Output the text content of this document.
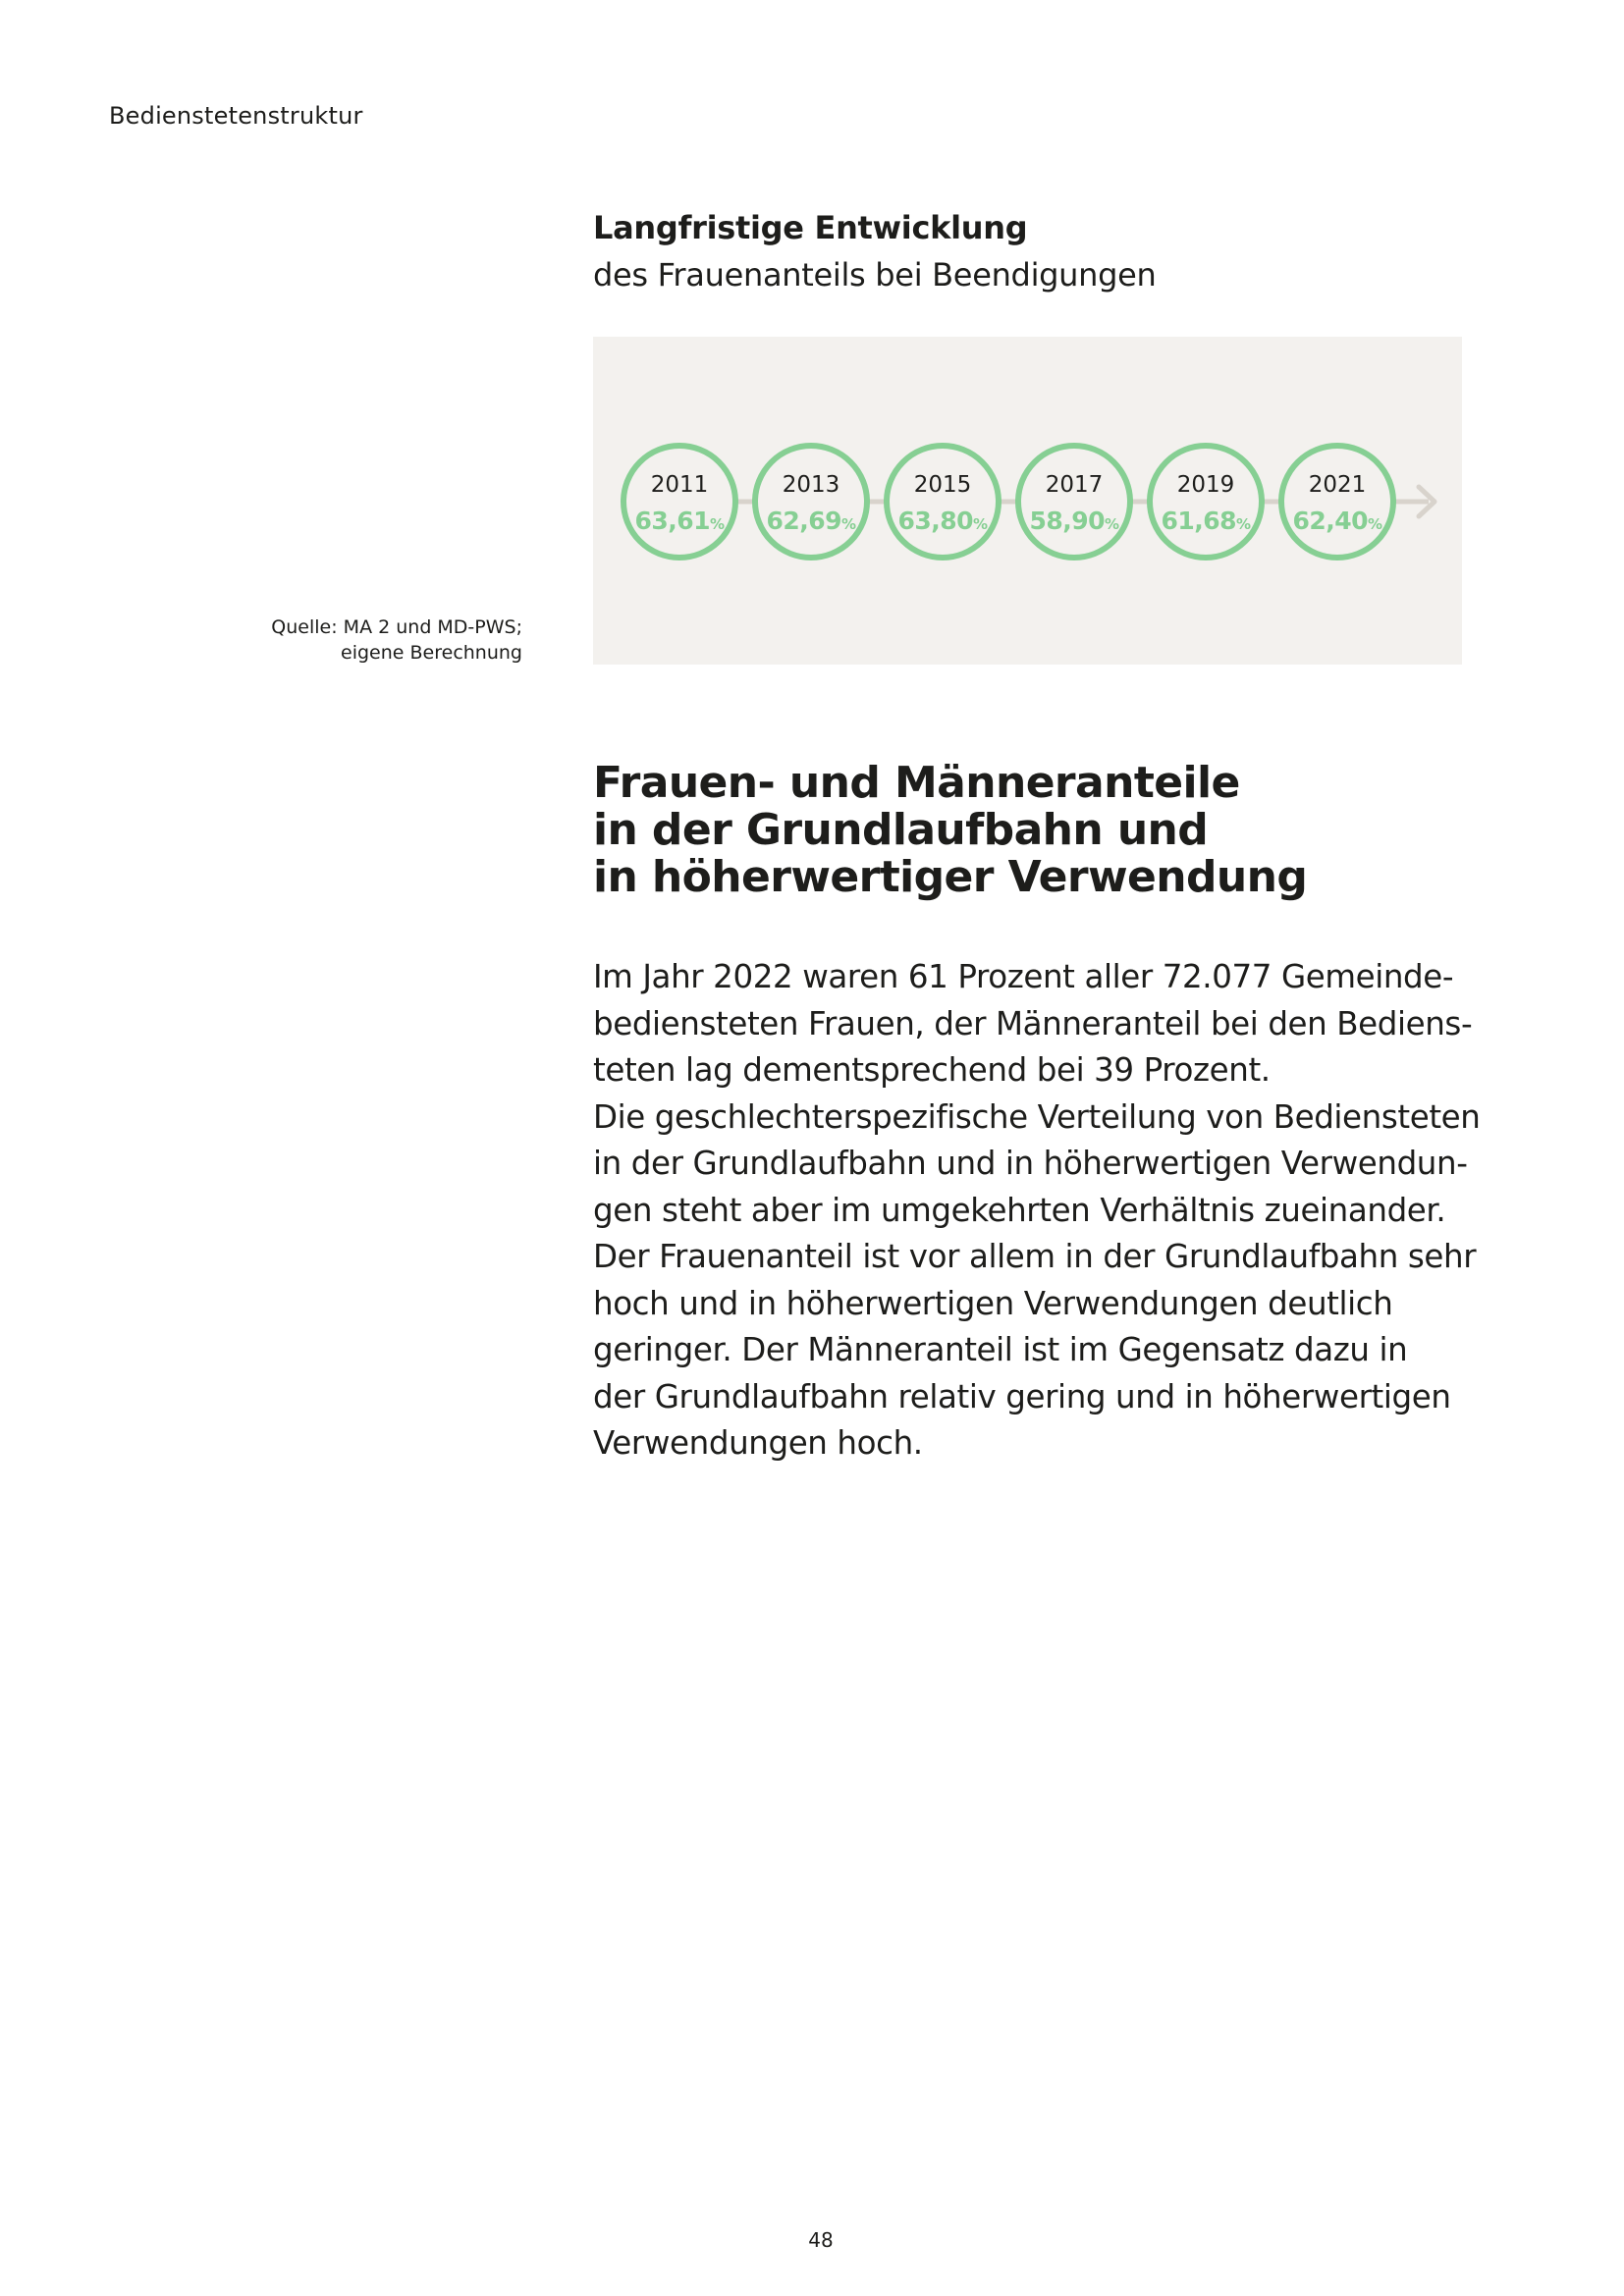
Bedienstetenstruktur
Langfristige Entwicklung
des Frauenanteils bei Beendigungen
Quelle: MA 2 und MD-PWS;
eigene Berechnung
2011
63,61%
2013
62,69%
2015
63,80%
2017
58,90%
2019
61,68%
2021
62,40%
Frauen- und Männeranteile
in der Grundlaufbahn und
in höherwertiger Verwendung
Im Jahr 2022 waren 61 Prozent aller 72.077 Gemeinde-
bediensteten Frauen, der Männeranteil bei den Bediens-
teten lag dementsprechend bei 39 Prozent.
Die geschlechterspezifische Verteilung von Bediensteten
in der Grundlaufbahn und in höherwertigen Verwendun-
gen steht aber im umgekehrten Verhältnis zueinander.
Der Frauenanteil ist vor allem in der Grundlaufbahn sehr
hoch und in höherwertigen Verwendungen deutlich
geringer. Der Männeranteil ist im Gegensatz dazu in
der Grundlaufbahn relativ gering und in höherwertigen
Verwendungen hoch.
48
